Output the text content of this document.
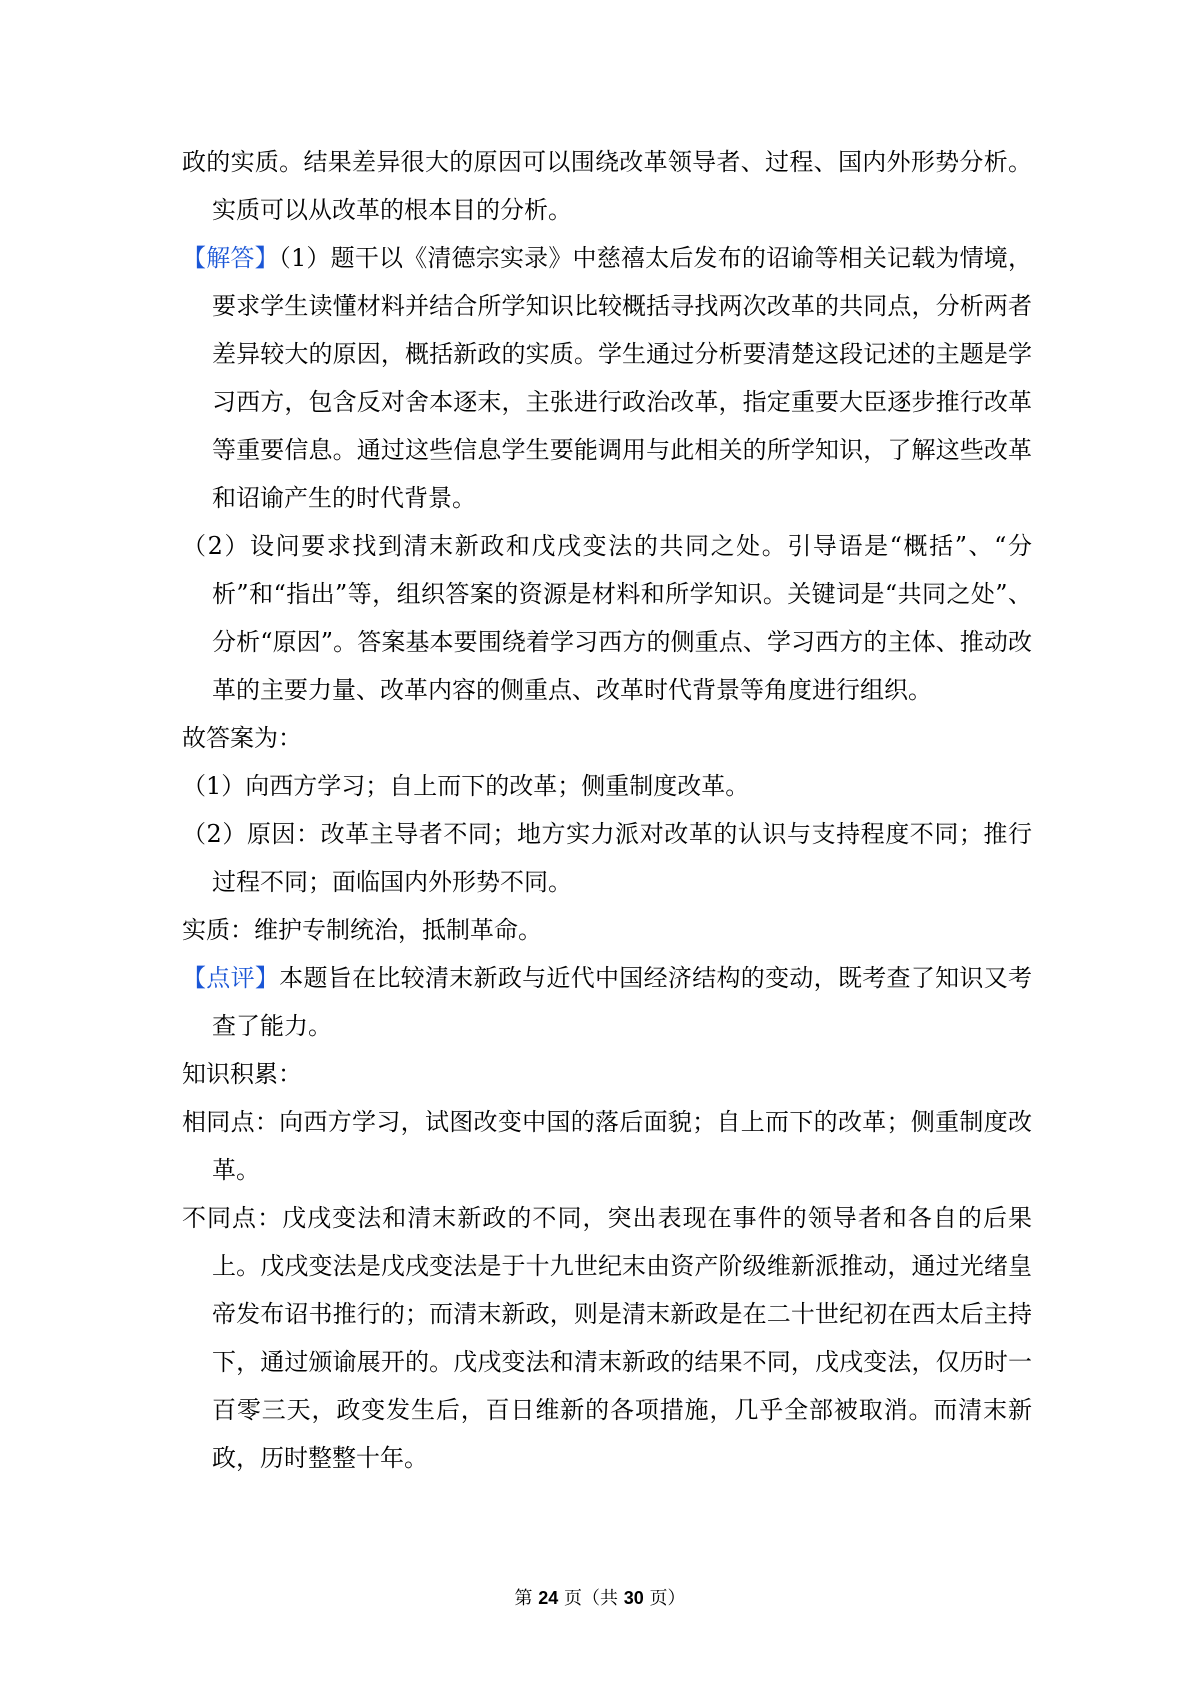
政的实质。结果差异很大的原因可以围绕改革领导者、过程、国内外形势分析。实质可以从改革的根本目的分析。
【解答】（1）题干以《清德宗实录》中慈禧太后发布的诏谕等相关记载为情境，要求学生读懂材料并结合所学知识比较概括寻找两次改革的共同点，分析两者差异较大的原因，概括新政的实质。学生通过分析要清楚这段记述的主题是学习西方，包含反对舍本逐末，主张进行政治改革，指定重要大臣逐步推行改革等重要信息。通过这些信息学生要能调用与此相关的所学知识，了解这些改革和诏谕产生的时代背景。
（2）设问要求找到清末新政和戊戌变法的共同之处。引导语是“概括”、“分析”和“指出”等，组织答案的资源是材料和所学知识。关键词是“共同之处”、分析“原因”。答案基本要围绕着学习西方的侧重点、学习西方的主体、推动改革的主要力量、改革内容的侧重点、改革时代背景等角度进行组织。
故答案为：
（1）向西方学习；自上而下的改革；侧重制度改革。
（2）原因：改革主导者不同；地方实力派对改革的认识与支持程度不同；推行过程不同；面临国内外形势不同。
实质：维护专制统治，抵制革命。
【点评】本题旨在比较清末新政与近代中国经济结构的变动，既考查了知识又考查了能力。
知识积累：
相同点：向西方学习，试图改变中国的落后面貌；自上而下的改革；侧重制度改革。
不同点：戊戌变法和清末新政的不同，突出表现在事件的领导者和各自的后果上。戊戌变法是戊戌变法是于十九世纪末由资产阶级维新派推动，通过光绪皇帝发布诏书推行的；而清末新政，则是清末新政是在二十世纪初在西太后主持下，通过颁谕展开的。戊戌变法和清末新政的结果不同，戊戌变法，仅历时一百零三天，政变发生后，百日维新的各项措施，几乎全部被取消。而清末新政，历时整整十年。
第 24 页（共 30 页）
